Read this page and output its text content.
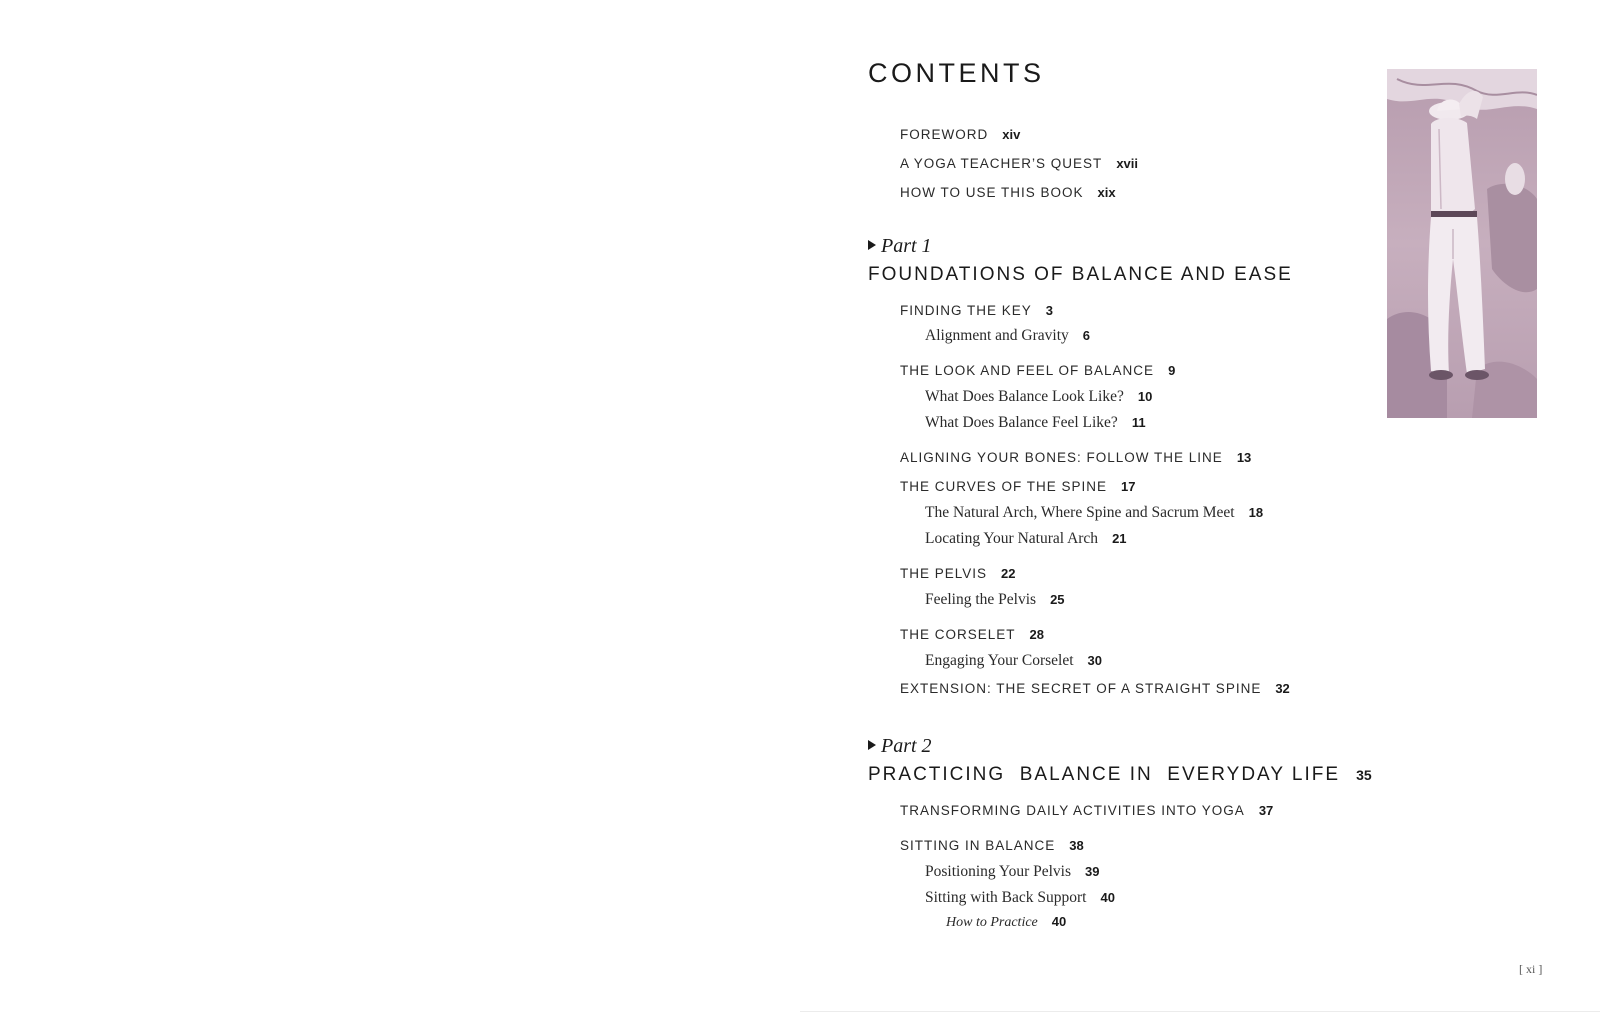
CONTENTS
FOREWORD xiv
A YOGA TEACHER’S QUEST xvii
HOW TO USE THIS BOOK xix
Part 1
FOUNDATIONS OF BALANCE AND EASE
FINDING THE KEY 3
Alignment and Gravity 6
THE LOOK AND FEEL OF BALANCE 9
What Does Balance Look Like? 10
What Does Balance Feel Like? 11
ALIGNING YOUR BONES: FOLLOW THE LINE 13
THE CURVES OF THE SPINE 17
The Natural Arch, Where Spine and Sacrum Meet 18
Locating Your Natural Arch 21
THE PELVIS 22
Feeling the Pelvis 25
THE CORSELET 28
Engaging Your Corselet 30
EXTENSION: THE SECRET OF A STRAIGHT SPINE 32
Part 2
PRACTICING  BALANCE IN  EVERYDAY LIFE 35
TRANSFORMING DAILY ACTIVITIES INTO YOGA 37
SITTING IN BALANCE 38
Positioning Your Pelvis 39
Sitting with Back Support 40
How to Practice 40
[ xi ]
